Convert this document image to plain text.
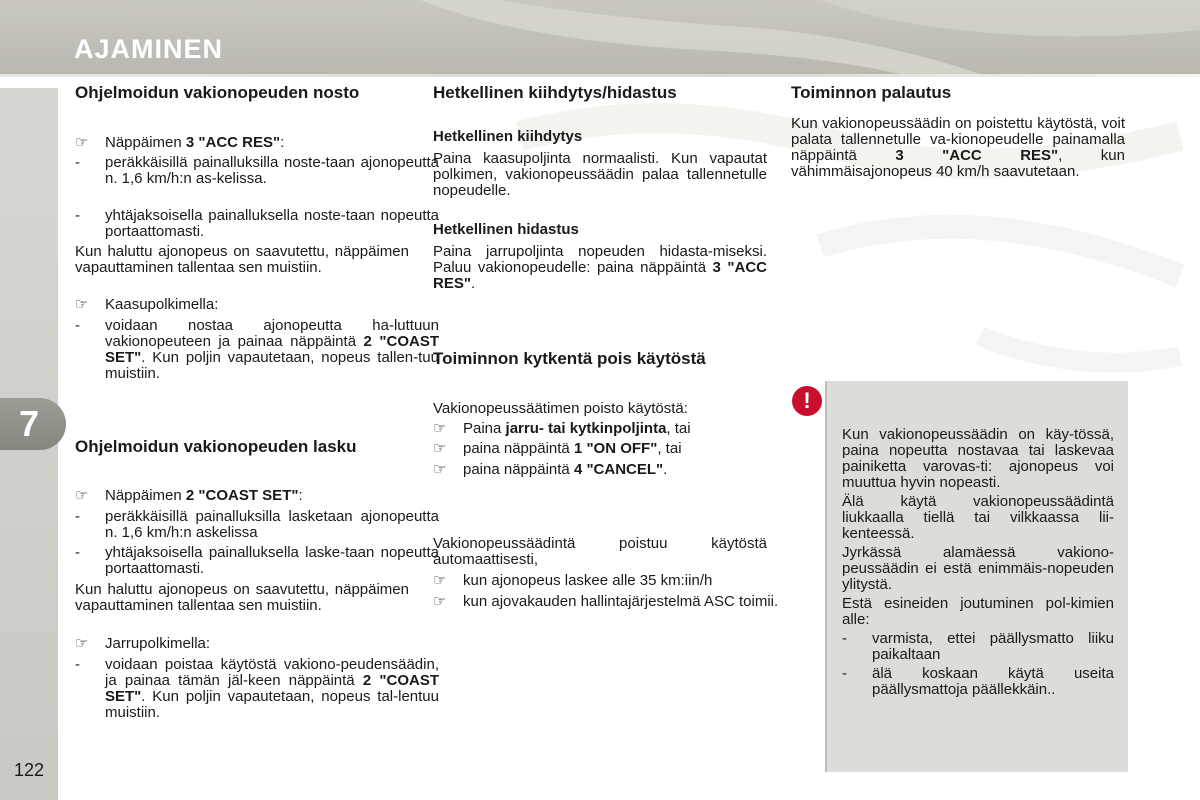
AJAMINEN
7
122
Ohjelmoidun vakionopeuden nosto
☞ Näppäimen 3 "ACC RES":
- peräkkäisillä painalluksilla noste-taan ajonopeutta n. 1,6 km/h:n as-kelissa.
- yhtäjaksoisella painalluksella noste-taan nopeutta portaattomasti.

Kun haluttu ajonopeus on saavutettu, näppäimen vapauttaminen tallentaa sen muistiin.

☞ Kaasupolkimella:
- voidaan nostaa ajonopeutta ha-luttuun vakionopeuteen ja painaa näppäintä 2 "COAST SET". Kun poljin vapautetaan, nopeus tallen-tuu muistiin.
Ohjelmoidun vakionopeuden lasku
☞ Näppäimen 2 "COAST SET":
- peräkkäisillä painalluksilla lasketaan ajonopeutta n. 1,6 km/h:n askelissa
- yhtäjaksoisella painalluksella laske-taan nopeutta portaattomasti.

Kun haluttu ajonopeus on saavutettu, näppäimen vapauttaminen tallentaa sen muistiin.

☞ Jarrupolkimella:
- voidaan poistaa käytöstä vakiono-peudensäädin, ja painaa tämän jäl-keen näppäintä 2 "COAST SET". Kun poljin vapautetaan, nopeus tal-lentuu muistiin.
Hetkellinen kiihdytys/hidastus
Hetkellinen kiihdytys

Paina kaasupoljinta normaalisti. Kun vapautat polkimen, vakionopeussäädin palaa tallennetulle nopeudelle.

Hetkellinen hidastus

Paina jarrupoljinta nopeuden hidasta-miseksi. Paluu vakionopeudelle: paina näppäintä 3 "ACC RES".

Toiminnon kytkentä pois käytöstä

Vakionopeussäätimen poisto käytöstä:

☞ Paina jarru- tai kytkinpoljinta, tai
☞ paina näppäintä 1 "ON OFF", tai
☞ paina näppäintä 4 "CANCEL".

Vakionopeussäädintä poistuu käytöstä automaattisesti,

☞ kun ajonopeus laskee alle 35 km:iin/h
☞ kun ajovakauden hallintajärjestelmä ASC toimii.
Toiminnon palautus

Kun vakionopeussäädin on poistettu käytöstä, voit palata tallennetulle va-kionopeudelle painamalla näppäintä 3 "ACC RES", kun vähimmäisajonopeus 40 km/h saavutetaan.

!

Kun vakionopeussäädin on käy-tössä, paina nopeutta nostavaa tai laskevaa painiketta varovas-ti: ajonopeus voi muuttua hyvin nopeasti.

Älä käytä vakionopeussäädintä liukkaalla tiellä tai vilkkaassa lii-kenteessä.

Jyrkässä alamäessä vakiono-peussäädin ei estä enimmäis-nopeuden ylitystä.

Estä esineiden joutuminen pol-kimien alle:

- varmista, ettei päällysmatto liiku paikaltaan
- älä koskaan käytä useita päällysmattoja päällekkäin..
